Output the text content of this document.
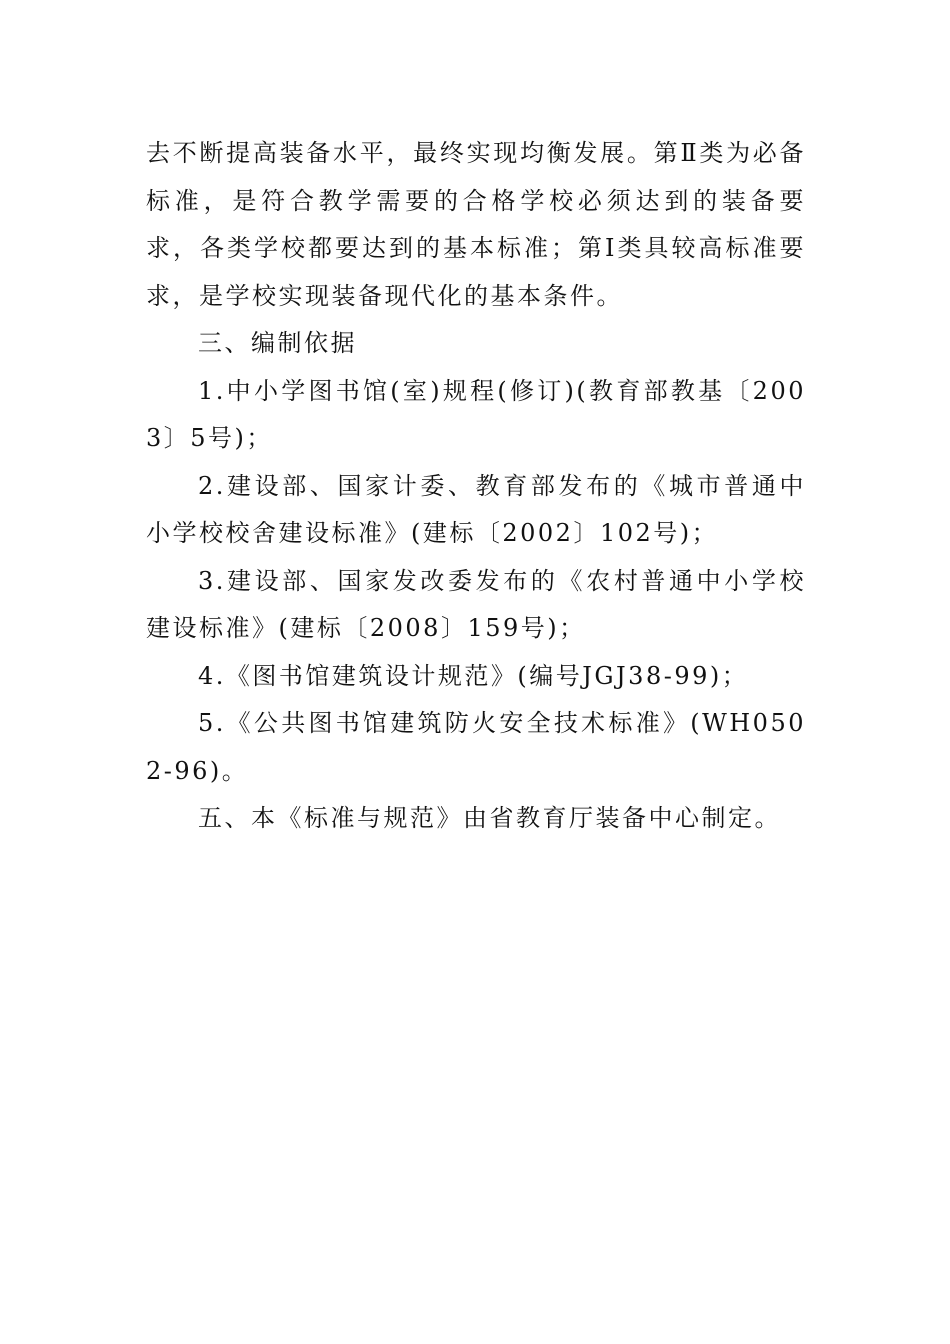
去不断提高装备水平，最终实现均衡发展。第Ⅱ类为必备标准，是符合教学需要的合格学校必须达到的装备要求，各类学校都要达到的基本标准；第Ⅰ类具较高标准要求，是学校实现装备现代化的基本条件。

三、编制依据

1.中小学图书馆(室)规程(修订)(教育部教基〔2003〕5号)；

2.建设部、国家计委、教育部发布的《城市普通中小学校校舍建设标准》(建标〔2002〕102号)；

3.建设部、国家发改委发布的《农村普通中小学校建设标准》(建标〔2008〕159号)；

4.《图书馆建筑设计规范》(编号JGJ38-99)；

5.《公共图书馆建筑防火安全技术标准》(WH0502-96)。

五、本《标准与规范》由省教育厅装备中心制定。
